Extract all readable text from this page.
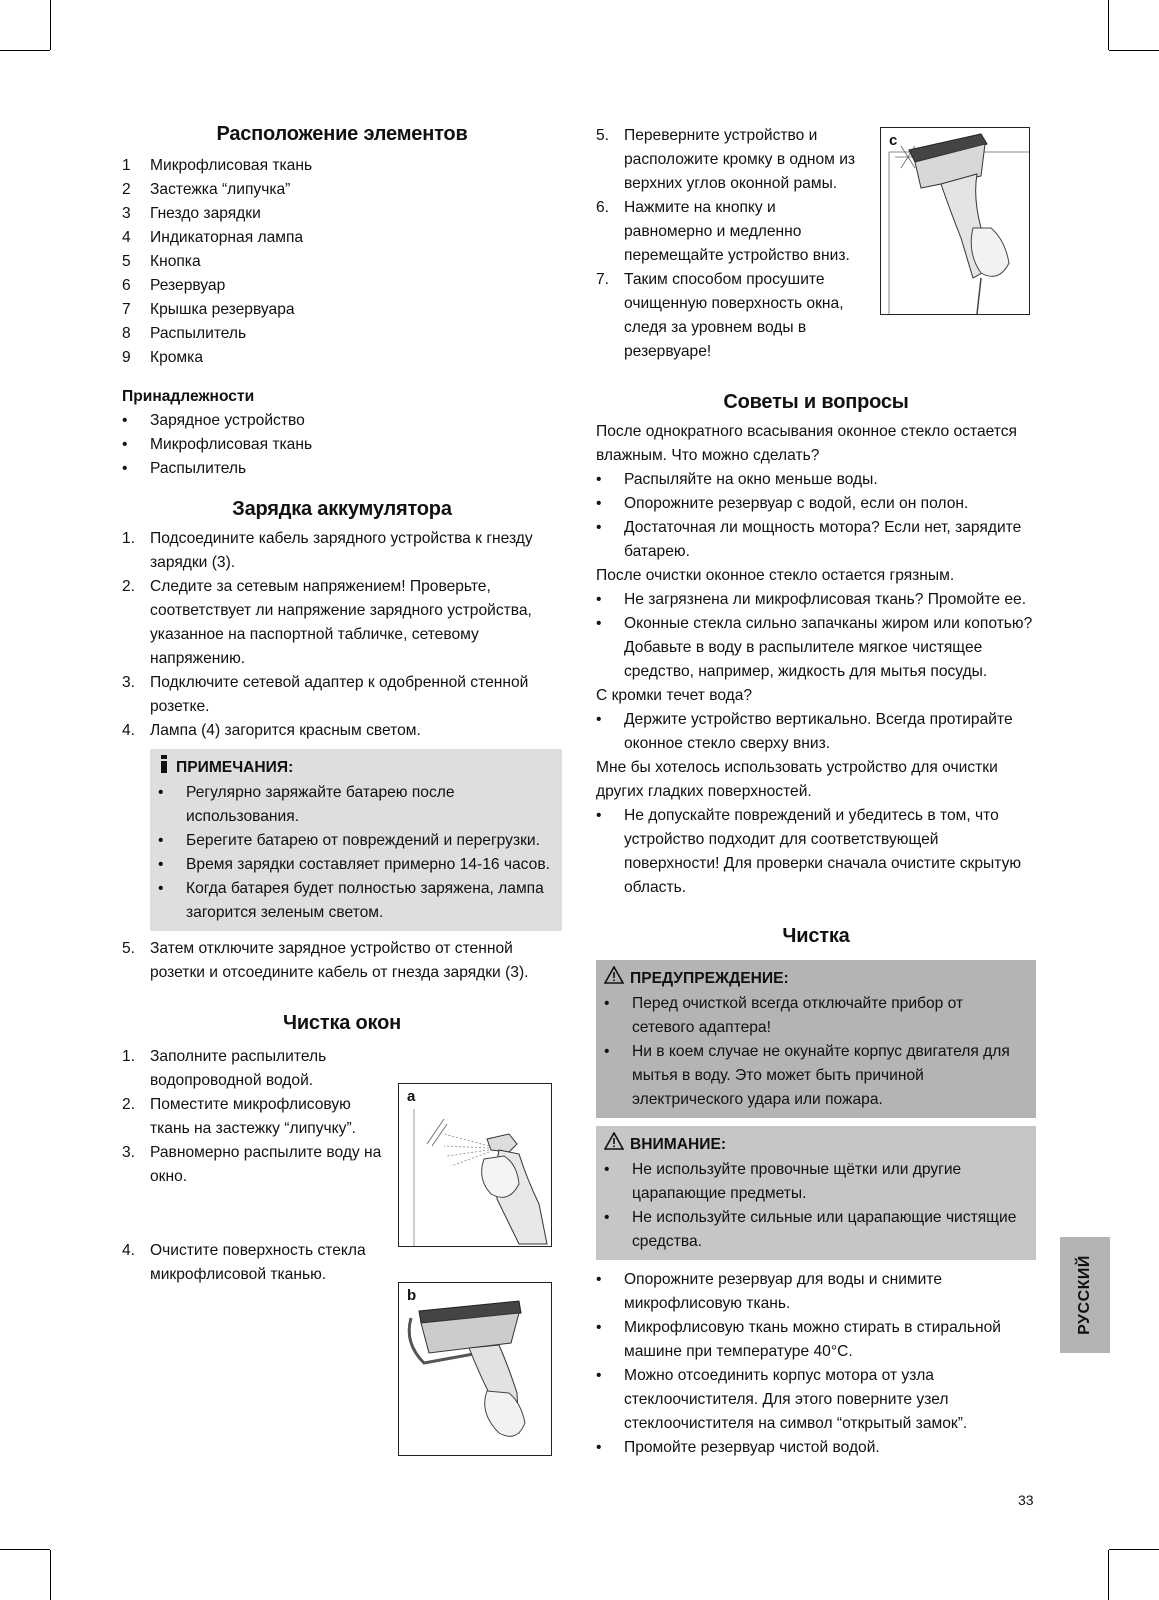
Расположение элементов
1	Микрофлисовая ткань
2	Застежка “липучка”
3	Гнездо зарядки
4	Индикаторная лампа
5	Кнопка
6	Резервуар
7	Крышка резервуара
8	Распылитель
9	Кромка
Принадлежности
•	Зарядное устройство
•	Микрофлисовая ткань
•	Распылитель
Зарядка аккумулятора
1. Подсоедините кабель зарядного устройства к гнезду зарядки (3).
2. Следите за сетевым напряжением! Проверьте, соответствует ли напряжение зарядного устройства, указанное на паспортной табличке, сетевому напряжению.
3. Подключите сетевой адаптер к одобренной стенной розетке.
4. Лампа (4) загорится красным светом.
ПРИМЕЧАНИЯ:
•	Регулярно заряжайте батарею после использования.
•	Берегите батарею от повреждений и перегрузки.
•	Время зарядки составляет примерно 14-16 часов.
•	Когда батарея будет полностью заряжена, лампа загорится зеленым светом.
5. Затем отключите зарядное устройство от стенной розетки и отсоедините кабель от гнезда зарядки (3).
Чистка окон
1. Заполните распылитель водопроводной водой.
2. Поместите микрофлисовую ткань на застежку “липучку”.
3. Равномерно распылите воду на окно.
4. Очистите поверхность стекла микрофлисовой тканью.
a
b
5. Переверните устройство и расположите кромку в одном из верхних углов оконной рамы.
6. Нажмите на кнопку и равномерно и медленно перемещайте устройство вниз.
7. Таким способом просушите очищенную поверхность окна, следя за уровнем воды в резервуаре!
Советы и вопросы

После однократного всасывания оконное стекло остается влажным. Что можно сделать?

•	Распыляйте на окно меньше воды.
•	Опорожните резервуар с водой, если он полон.
•	Достаточная ли мощность мотора? Если нет, зарядите батарею.

После очистки оконное стекло остается грязным.

•	Не загрязнена ли микрофлисовая ткань? Промойте ее.
•	Оконные стекла сильно запачканы жиром или копотью? Добавьте в воду в распылителе мягкое чистящее средство, например, жидкость для мытья посуды.

С кромки течет вода?

•	Держите устройство вертикально. Всегда протирайте оконное стекло сверху вниз.

Мне бы хотелось использовать устройство для очистки других гладких поверхностей.

•	Не допускайте повреждений и убедитесь в том, что устройство подходит для соответствующей поверхности! Для проверки сначала очистите скрытую область.
Чистка
ПРЕДУПРЕЖДЕНИЕ:
•	Перед очисткой всегда отключайте прибор от сетевого адаптера!
•	Ни в коем случае не окунайте корпус двигателя для мытья в воду. Это может быть причиной электрического удара или пожара.
ВНИМАНИЕ:
•	Не используйте провочные щётки или другие царапающие предметы.
•	Не используйте сильные или царапающие чистящие средства.
•	Опорожните резервуар для воды и снимите микрофлисовую ткань.
•	Микрофлисовую ткань можно стирать в стиральной машине при температуре 40°С.
•	Можно отсоединить корпус мотора от узла стеклоочистителя. Для этого поверните узел стеклоочистителя на символ “открытый замок”.
•	Промойте резервуар чистой водой.
c
РУССКИЙ
33
